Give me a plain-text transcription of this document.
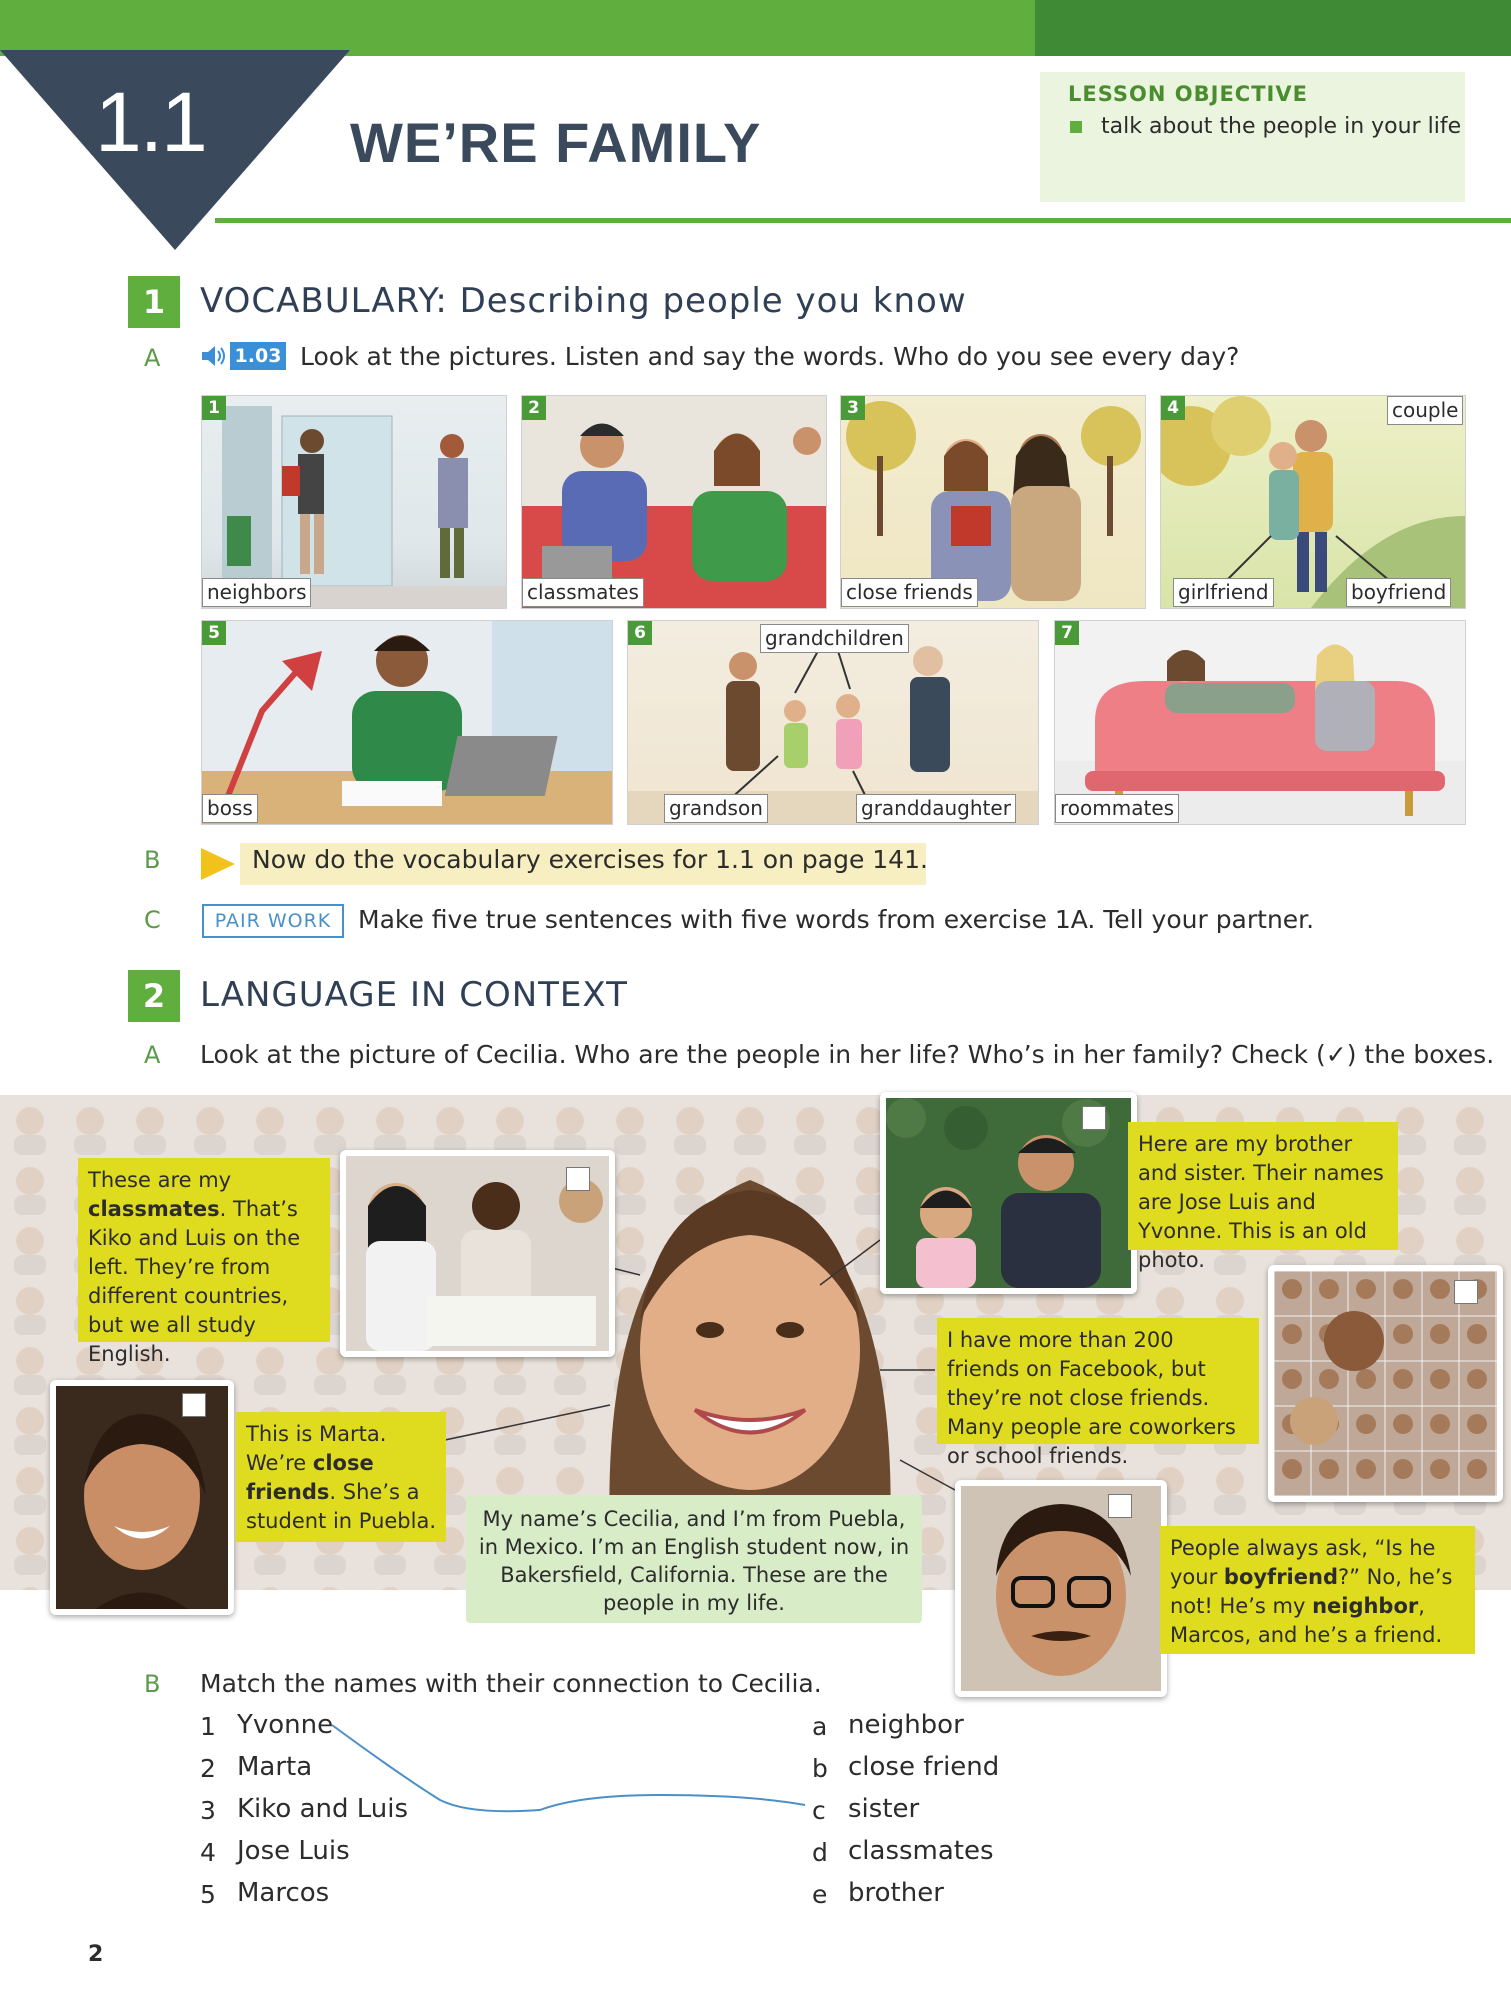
1.1	WE’RE FAMILY
LESSON OBJECTIVE
talk about the people in your life
1	VOCABULARY: Describing people you know
A	1.03 Look at the pictures. Listen and say the words. Who do you see every day?
1
neighbors
2
classmates
3
close friends
4	couple
girlfriend	boyfriend
5
boss
6	grandchildren
grandson	granddaughter
7
roommates
B	Now do the vocabulary exercises for 1.1 on page 141.
C	PAIR WORK	Make five true sentences with five words from exercise 1A. Tell your partner.
2	LANGUAGE IN CONTEXT
A Look at the picture of Cecilia. Who are the people in her life? Who’s in her family? Check (✓) the boxes.
These are my classmates. That’s Kiko and Luis on the left. They’re from different countries, but we all study English.
Here are my brother and sister. Their names are Jose Luis and Yvonne. This is an old photo.
I have more than 200 friends on Facebook, but they’re not close friends. Many people are coworkers or school friends.
This is Marta. We’re close friends. She’s a student in Puebla.	My name’s Cecilia, and I’m from Puebla, in Mexico. I’m an English student now, in Bakersfield, California. These are the people in my life.
People always ask, “Is he your boyfriend?” No, he’s not! He’s my neighbor, Marcos, and he’s a friend.
B Match the names with their connection to Cecilia.
1 Yvonne
2 Marta
3 Kiko and Luis
4 Jose Luis
5 Marcos
a neighbor
b close friend
c sister
d classmates
e brother
2
